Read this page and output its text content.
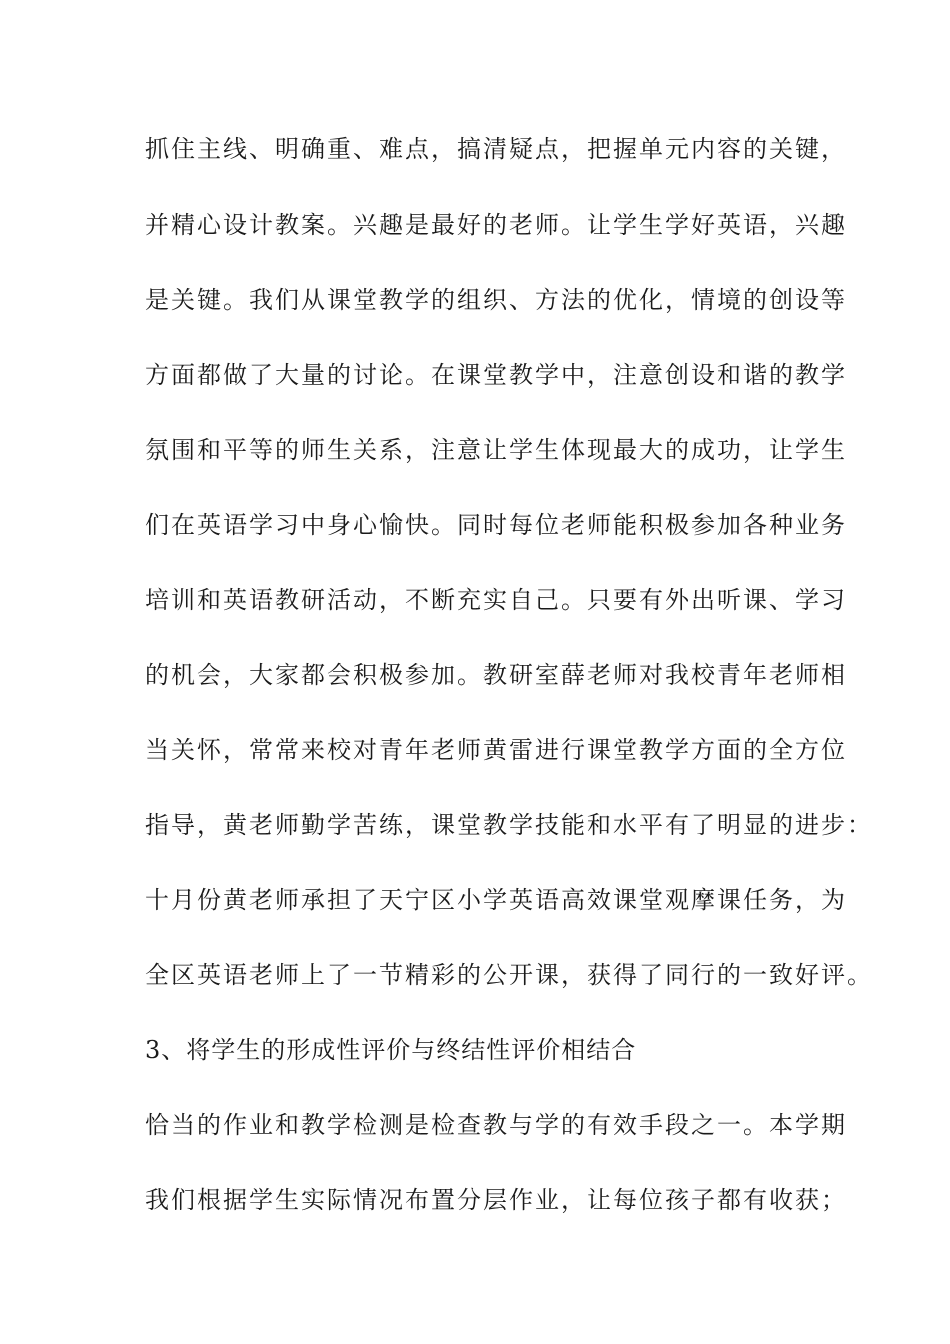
抓住主线、明确重、难点，搞清疑点，把握单元内容的关键，
并精心设计教案。兴趣是最好的老师。让学生学好英语，兴趣
是关键。我们从课堂教学的组织、方法的优化，情境的创设等
方面都做了大量的讨论。在课堂教学中，注意创设和谐的教学
氛围和平等的师生关系，注意让学生体现最大的成功，让学生
们在英语学习中身心愉快。同时每位老师能积极参加各种业务
培训和英语教研活动，不断充实自己。只要有外出听课、学习
的机会，大家都会积极参加。教研室薛老师对我校青年老师相
当关怀，常常来校对青年老师黄雷进行课堂教学方面的全方位
指导，黄老师勤学苦练，课堂教学技能和水平有了明显的进步：
十月份黄老师承担了天宁区小学英语高效课堂观摩课任务，为
全区英语老师上了一节精彩的公开课，获得了同行的一致好评。
3、将学生的形成性评价与终结性评价相结合
恰当的作业和教学检测是检查教与学的有效手段之一。本学期
我们根据学生实际情况布置分层作业，让每位孩子都有收获；
